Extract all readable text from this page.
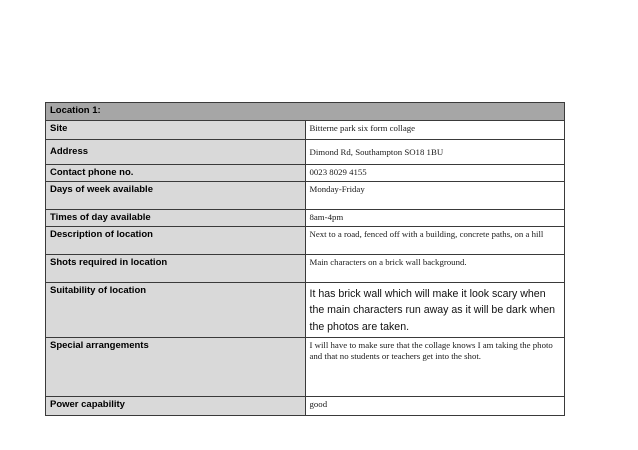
Location 1:	
Site	Bitterne park six form collage
Address	Dimond Rd, Southampton SO18 1BU
Contact phone no.	0023 8029 4155
Days of week available	Monday-Friday
Times of day available	8am-4pm
Description of location	Next to a road, fenced off with a building, concrete paths, on a hill
Shots required in location	Main characters on a brick wall background.
Suitability of location	It has brick wall which will make it look scary when the main characters run away as it will be dark when the photos are taken.
Special arrangements	I will have to make sure that the collage knows I am taking the photo and that no students or teachers get into the shot.
Power capability	good
